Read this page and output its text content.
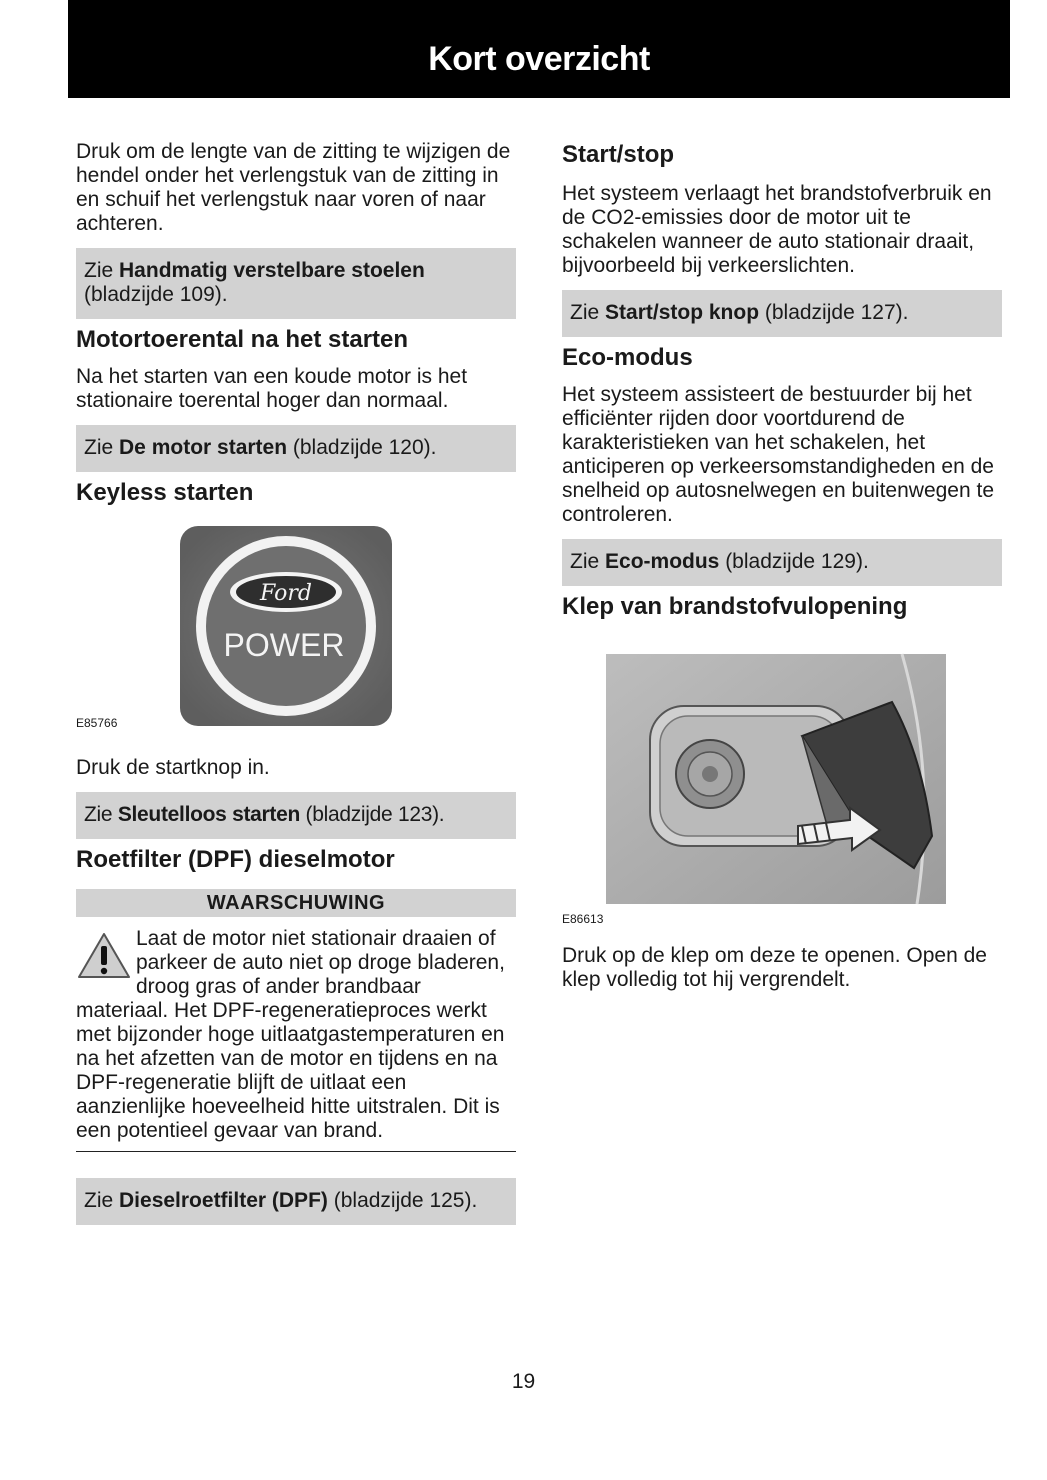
Kort overzicht

Druk om de lengte van de zitting te wijzigen de hendel onder het verlengstuk van de zitting in en schuif het verlengstuk naar voren of naar achteren.

Zie Handmatig verstelbare stoelen (bladzijde 109).
Motortoerental na het starten

Na het starten van een koude motor is het stationaire toerental hoger dan normaal.

Zie De motor starten (bladzijde 120).
Keyless starten
Ford
POWER
E85766

Druk de startknop in.

Zie Sleutelloos starten (bladzijde 123).
Roetfilter (DPF) dieselmotor
WAARSCHUWING
Laat de motor niet stationair draaien of parkeer de auto niet op droge bladeren, droog gras of ander brandbaar materiaal. Het DPF-regeneratieproces werkt met bijzonder hoge uitlaatgastemperaturen en na het afzetten van de motor en tijdens en na DPF-regeneratie blijft de uitlaat een aanzienlijke hoeveelheid hitte uitstralen. Dit is een potentieel gevaar van brand.
Zie Dieselroetfilter (DPF) (bladzijde 125).
Start/stop

Het systeem verlaagt het brandstofverbruik en de CO2-emissies door de motor uit te schakelen wanneer de auto stationair draait, bijvoorbeeld bij verkeerslichten.

Zie Start/stop knop (bladzijde 127).
Eco-modus

Het systeem assisteert de bestuurder bij het efficiënter rijden door voortdurend de karakteristieken van het schakelen, het anticiperen op verkeersomstandigheden en de snelheid op autosnelwegen en buitenwegen te controleren.

Zie Eco-modus (bladzijde 129).
Klep van brandstofvulopening
E86613

Druk op de klep om deze te openen. Open de klep volledig tot hij vergrendelt.

19
